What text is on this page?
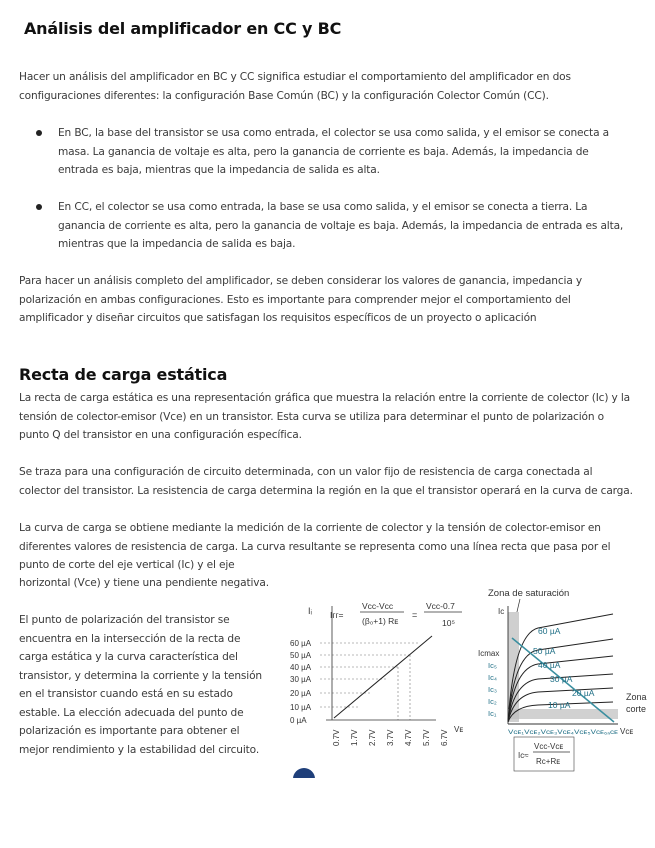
Análisis del amplificador en CC y BC
Hacer un análisis del amplificador en BC y CC significa estudiar el comportamiento del amplificador en dos configuraciones diferentes: la configuración Base Común (BC) y la configuración Colector Común (CC).
En BC, la base del transistor se usa como entrada, el colector se usa como salida, y el emisor se conecta a masa. La ganancia de voltaje es alta, pero la ganancia de corriente es baja. Además, la impedancia de entrada es baja, mientras que la impedancia de salida es alta.
En CC, el colector se usa como entrada, la base se usa como salida, y el emisor se conecta a tierra. La ganancia de corriente es alta, pero la ganancia de voltaje es baja. Además, la impedancia de entrada es alta, mientras que la impedancia de salida es baja.
Para hacer un análisis completo del amplificador, se deben considerar los valores de ganancia, impedancia y polarización en ambas configuraciones. Esto es importante para comprender mejor el comportamiento del amplificador y diseñar circuitos que satisfagan los requisitos específicos de un proyecto o aplicación
Recta de carga estática
La recta de carga estática es una representación gráfica que muestra la relación entre la corriente de colector (Ic) y la tensión de colector-emisor (Vce) en un transistor. Esta curva se utiliza para determinar el punto de polarización o punto Q del transistor en una configuración específica.
Se traza para una configuración de circuito determinada, con un valor fijo de resistencia de carga conectada al colector del transistor. La resistencia de carga determina la región en la que el transistor operará en la curva de carga.
La curva de carga se obtiene mediante la medición de la corriente de colector y la tensión de colector-emisor en diferentes valores de resistencia de carga. La curva resultante se representa como una línea recta que pasa por el punto de corte del eje vertical (Ic) y el eje
horizontal (Vce) y tiene una pendiente negativa.
El punto de polarización del transistor se encuentra en la intersección de la recta de carga estática y la curva característica del transistor, y determina la corriente y la tensión en el transistor cuando está en su estado estable. La elección adecuada del punto de polarización es importante para obtener el mejor rendimiento y la estabilidad del circuito.
Iᵢ Iᴦᴦ=
Vᴄᴄ-Vᴄᴄ
(β₀+1) Rᴇ
=
Vᴄᴄ-0.7
10⁵
60 µA
50 µA
40 µA
30 µA
20 µA
10 µA
0 µA
0.7V 1.7V 2.7V 3.7V 4.7V 5.7V 6.7V
Vᴇ
Zona de saturación
Iᴄ
60 µA
50 µA
40 µA
30 µA
20 µA
10 µA
Iᴄmax
Iᴄ₅
Iᴄ₄
Iᴄ₃
Iᴄ₂
Iᴄ₁
Zona
corte
Vᴄᴇ₁Vᴄᴇ₂Vᴄᴇ₃Vᴄᴇ₄Vᴄᴇ₅Vᴄᴇ₆₏ᴄᴇ Vᴄᴇ
Iᴄ≈
Vᴄᴄ-Vᴄᴇ
Rᴄ+Rᴇ
